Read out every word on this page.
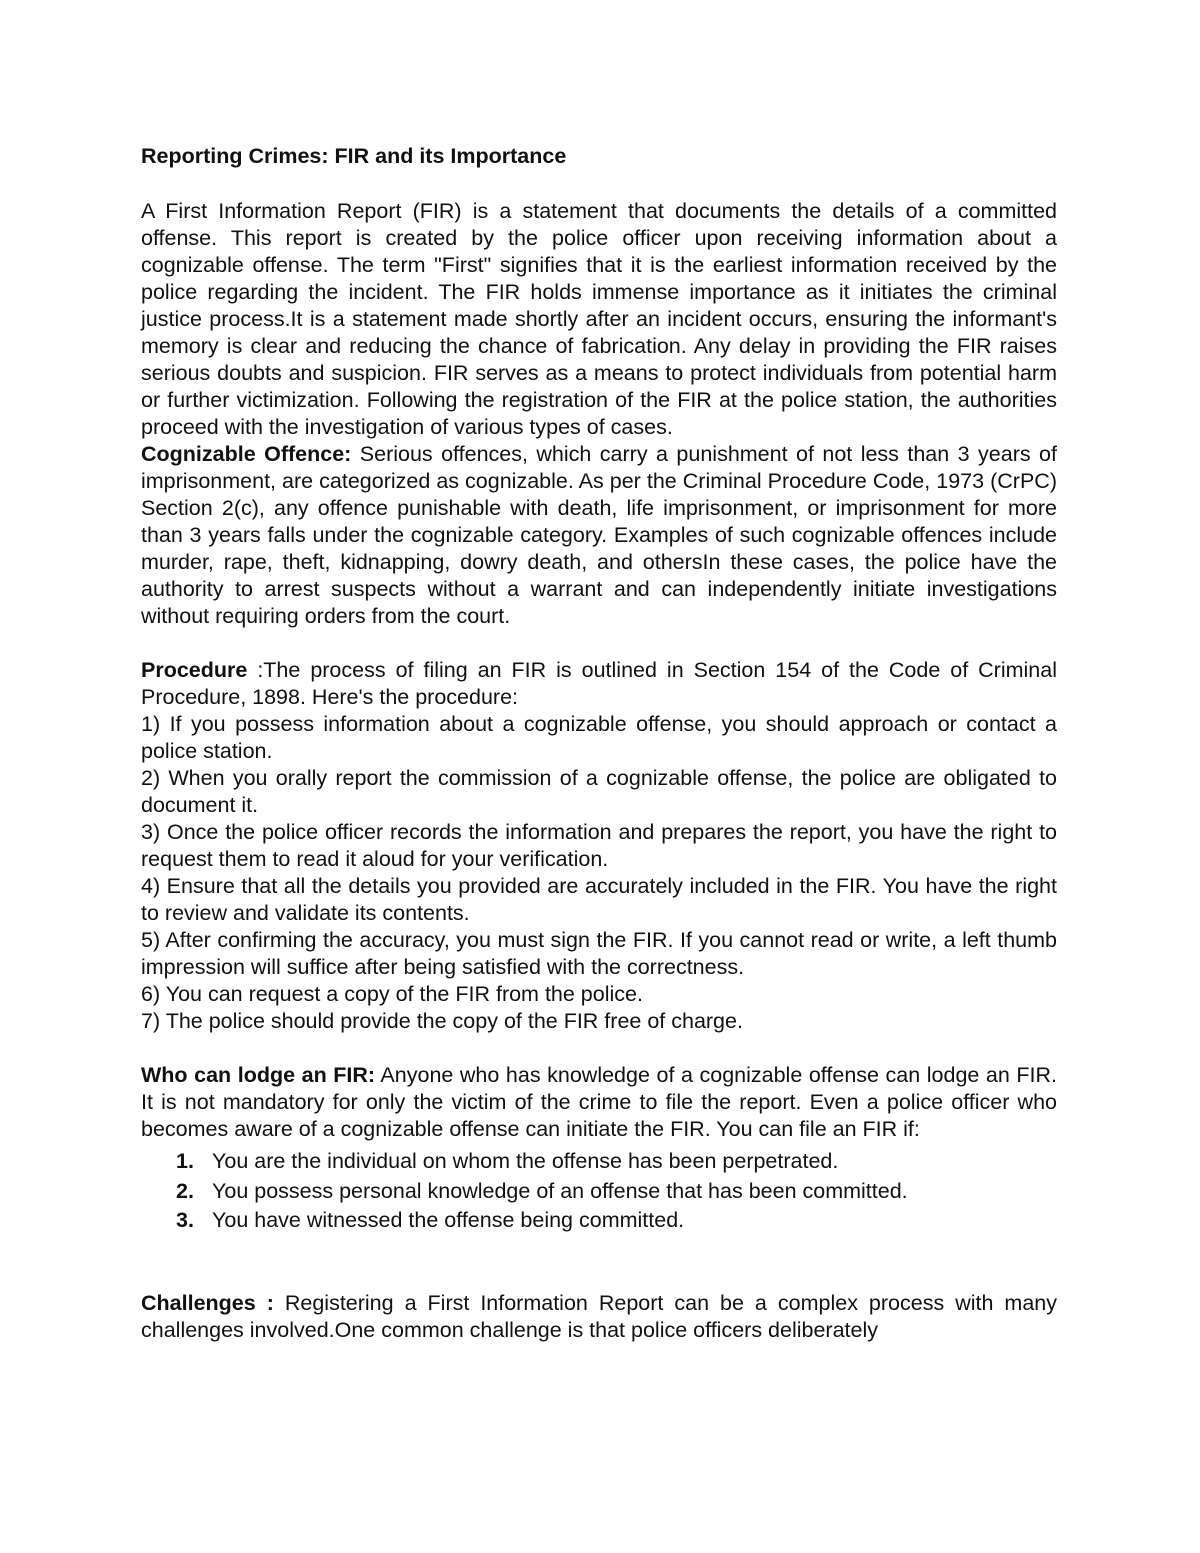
Reporting Crimes: FIR and its Importance

A First Information Report (FIR) is a statement that documents the details of a committed offense. This report is created by the police officer upon receiving information about a cognizable offense. The term "First" signifies that it is the earliest information received by the police regarding the incident. The FIR holds immense importance as it initiates the criminal justice process.It is a statement made shortly after an incident occurs, ensuring the informant's memory is clear and reducing the chance of fabrication. Any delay in providing the FIR raises serious doubts and suspicion. FIR serves as a means to protect individuals from potential harm or further victimization. Following the registration of the FIR at the police station, the authorities proceed with the investigation of various types of cases.

Cognizable Offence: Serious offences, which carry a punishment of not less than 3 years of imprisonment, are categorized as cognizable. As per the Criminal Procedure Code, 1973 (CrPC) Section 2(c), any offence punishable with death, life imprisonment, or imprisonment for more than 3 years falls under the cognizable category. Examples of such cognizable offences include murder, rape, theft, kidnapping, dowry death, and othersIn these cases, the police have the authority to arrest suspects without a warrant and can independently initiate investigations without requiring orders from the court.

Procedure :The process of filing an FIR is outlined in Section 154 of the Code of Criminal Procedure, 1898. Here's the procedure:

1) If you possess information about a cognizable offense, you should approach or contact a police station.

2) When you orally report the commission of a cognizable offense, the police are obligated to document it.

3) Once the police officer records the information and prepares the report, you have the right to request them to read it aloud for your verification.

4) Ensure that all the details you provided are accurately included in the FIR. You have the right to review and validate its contents.

5) After confirming the accuracy, you must sign the FIR. If you cannot read or write, a left thumb impression will suffice after being satisfied with the correctness.

6) You can request a copy of the FIR from the police.

7) The police should provide the copy of the FIR free of charge.

Who can lodge an FIR: Anyone who has knowledge of a cognizable offense can lodge an FIR. It is not mandatory for only the victim of the crime to file the report. Even a police officer who becomes aware of a cognizable offense can initiate the FIR. You can file an FIR if:

1. You are the individual on whom the offense has been perpetrated.
2. You possess personal knowledge of an offense that has been committed.
3. You have witnessed the offense being committed.

Challenges : Registering a First Information Report can be a complex process with many challenges involved.One common challenge is that police officers deliberately
